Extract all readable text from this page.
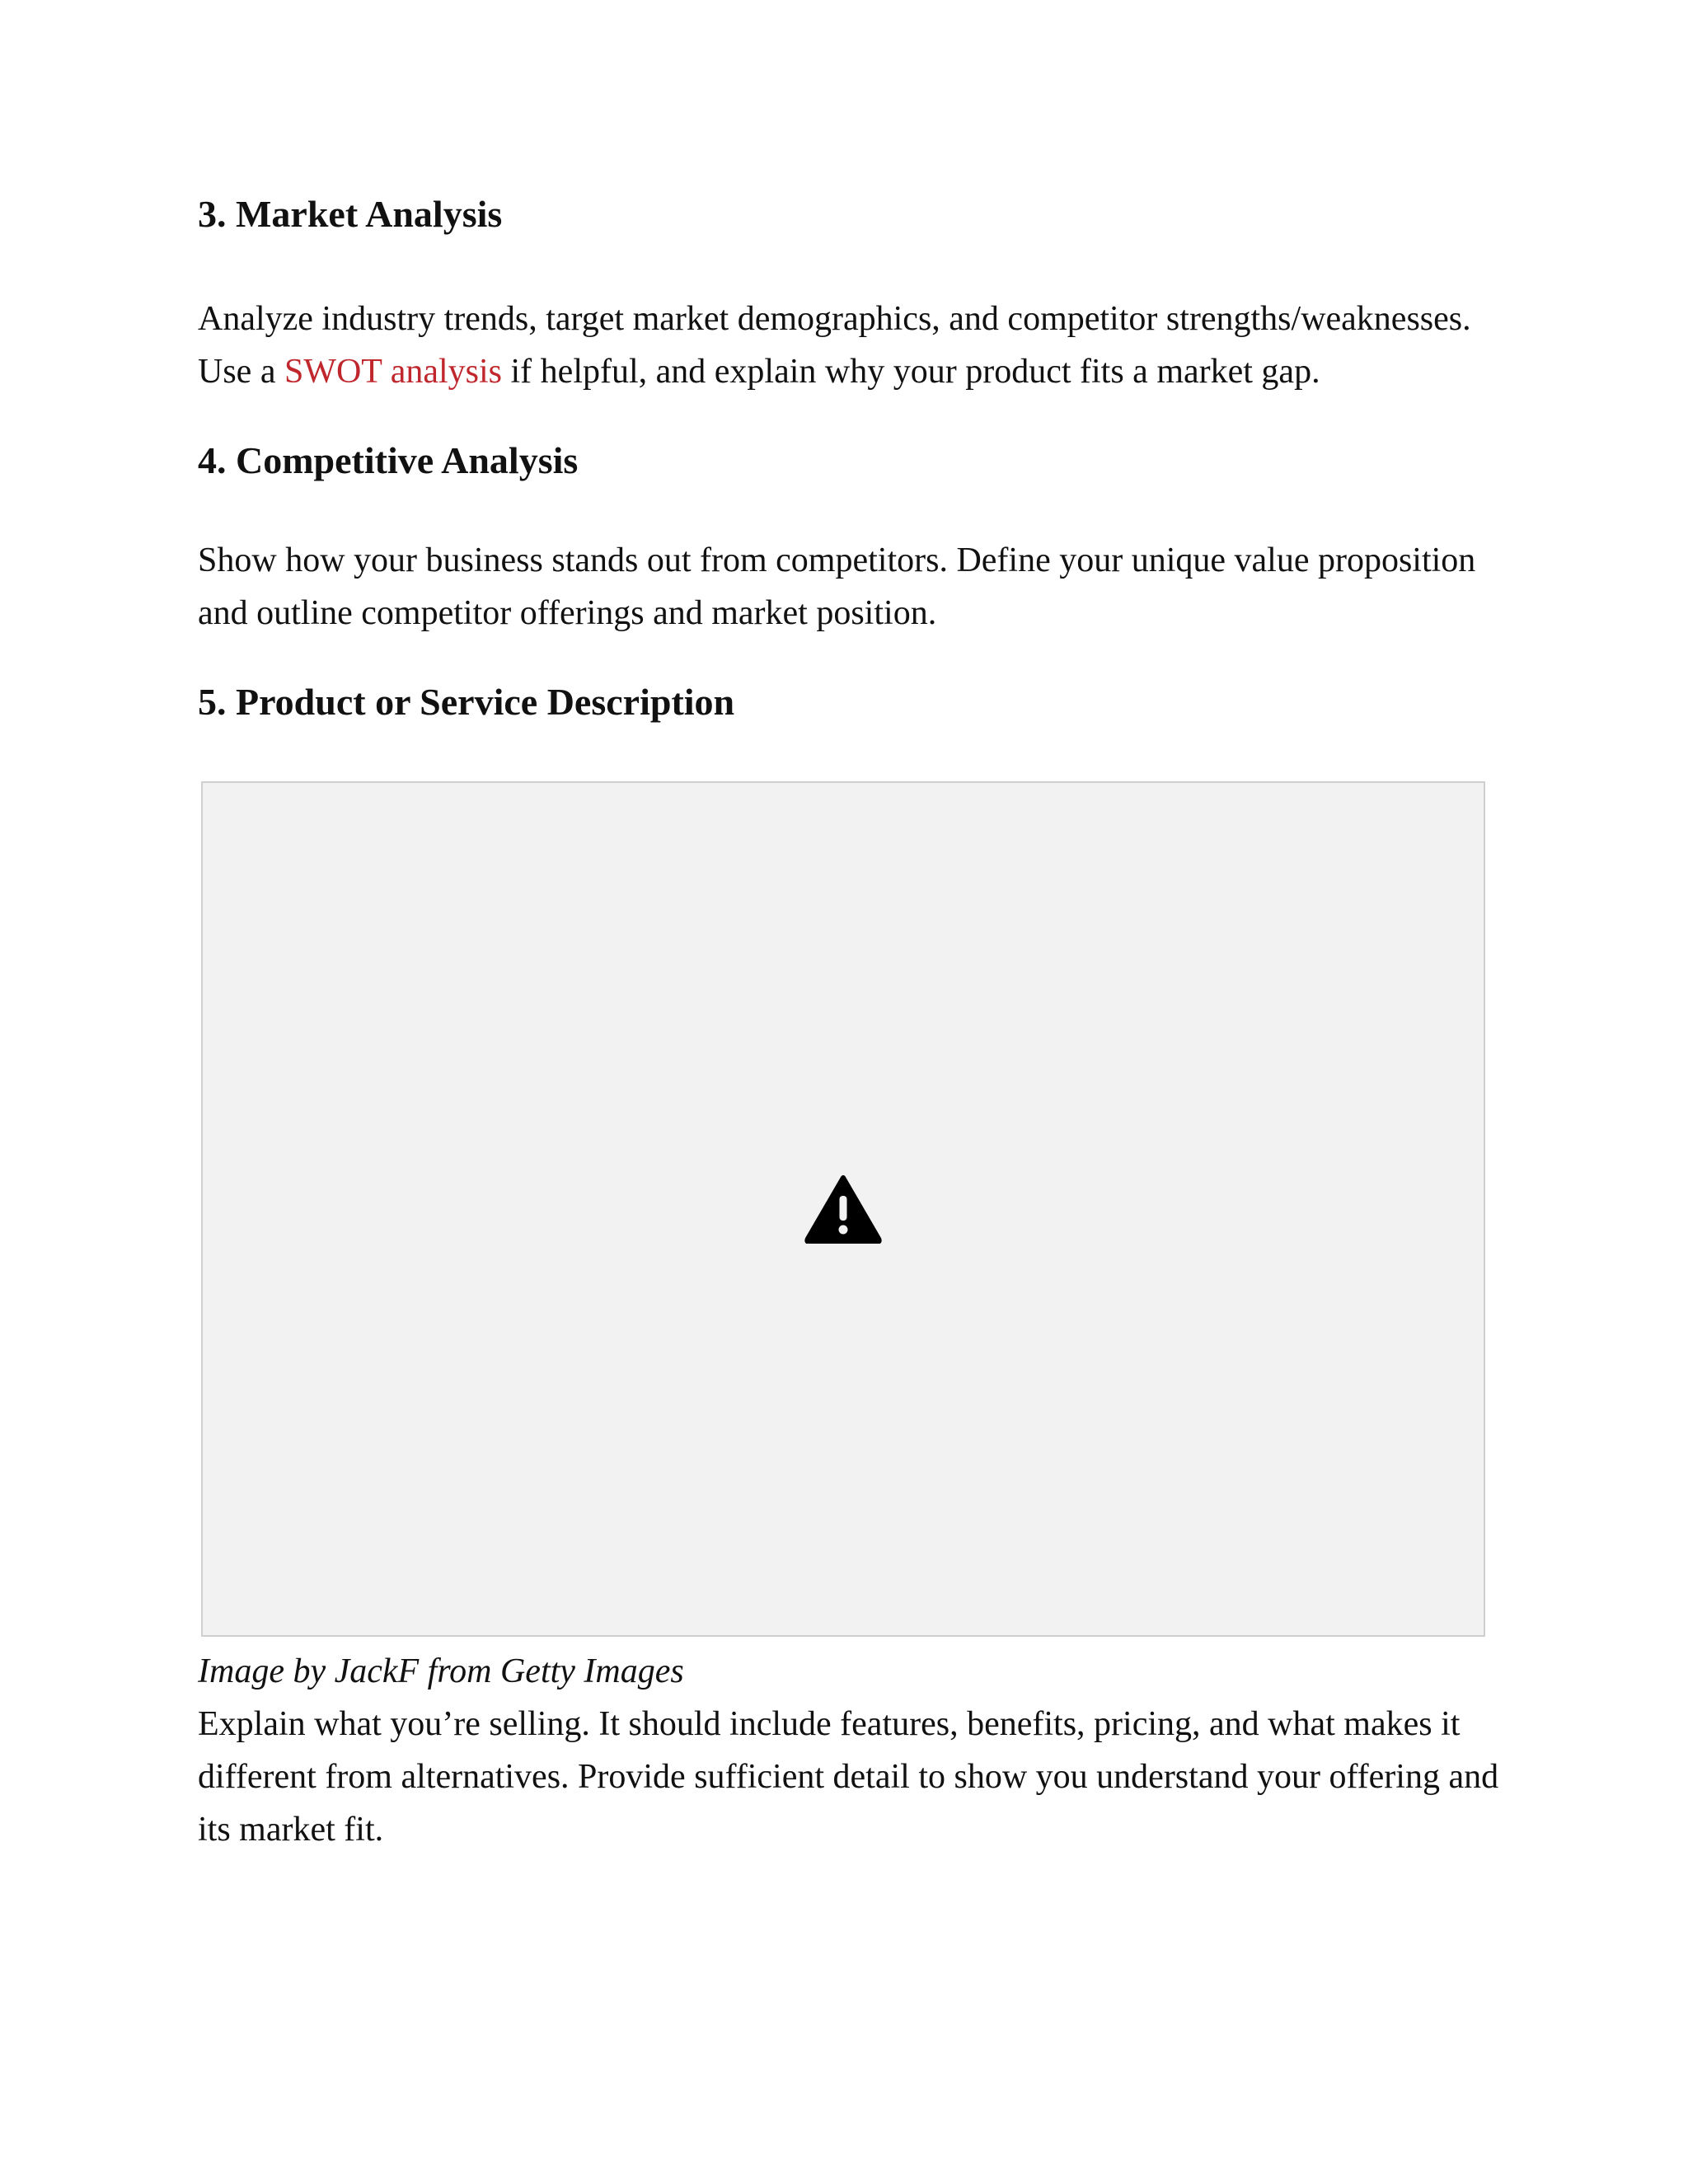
3. Market Analysis

Analyze industry trends, target market demographics, and competitor strengths/weaknesses. Use a SWOT analysis if helpful, and explain why your product fits a market gap.

4. Competitive Analysis

Show how your business stands out from competitors. Define your unique value proposition and outline competitor offerings and market position.

5. Product or Service Description

Image by JackF from Getty Images

Explain what you’re selling. It should include features, benefits, pricing, and what makes it different from alternatives. Provide sufficient detail to show you understand your offering and its market fit.
